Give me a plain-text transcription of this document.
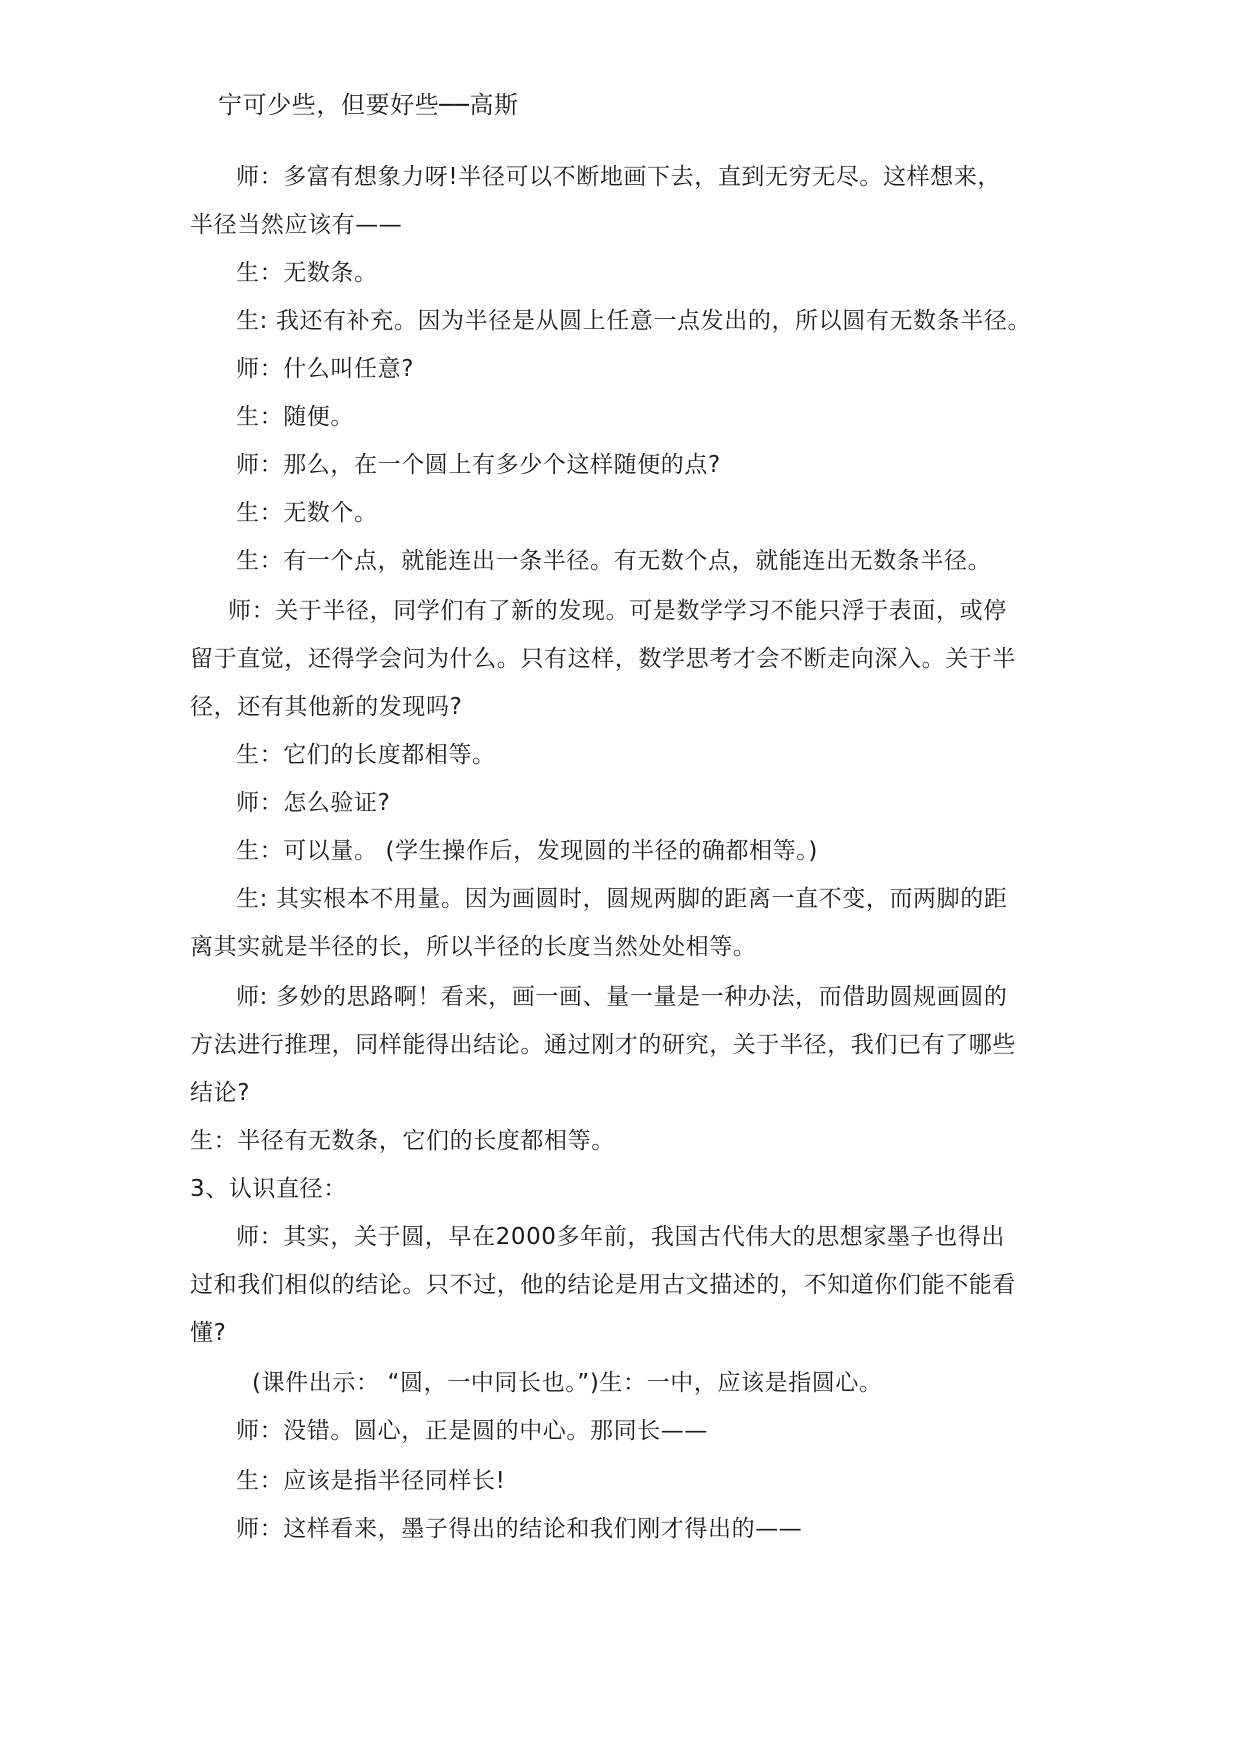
宁可少些，但要好些──高斯
师：多富有想象力呀!半径可以不断地画下去，直到无穷无尽。这样想来，
半径当然应该有——
生：无数条。
生: 我还有补充。因为半径是从圆上任意一点发出的，所以圆有无数条半径。
师：什么叫任意?
生：随便。
师：那么，在一个圆上有多少个这样随便的点?
生：无数个。
生：有一个点，就能连出一条半径。有无数个点，就能连出无数条半径。
师：关于半径，同学们有了新的发现。可是数学学习不能只浮于表面，或停
留于直觉，还得学会问为什么。只有这样，数学思考才会不断走向深入。关于半
径，还有其他新的发现吗?
生：它们的长度都相等。
师：怎么验证?
生：可以量。 (学生操作后，发现圆的半径的确都相等。)
生: 其实根本不用量。因为画圆时，圆规两脚的距离一直不变，而两脚的距
离其实就是半径的长，所以半径的长度当然处处相等。
师: 多妙的思路啊！看来，画一画、量一量是一种办法，而借助圆规画圆的
方法进行推理，同样能得出结论。通过刚才的研究，关于半径，我们已有了哪些
结论?
生：半径有无数条，它们的长度都相等。
3、认识直径：
师：其实，关于圆，早在2000多年前，我国古代伟大的思想家墨子也得出
过和我们相似的结论。只不过，他的结论是用古文描述的，不知道你们能不能看
懂?
(课件出示： “圆，一中同长也。”)生：一中，应该是指圆心。
师：没错。圆心，正是圆的中心。那同长——
生：应该是指半径同样长!
师：这样看来，墨子得出的结论和我们刚才得出的——
